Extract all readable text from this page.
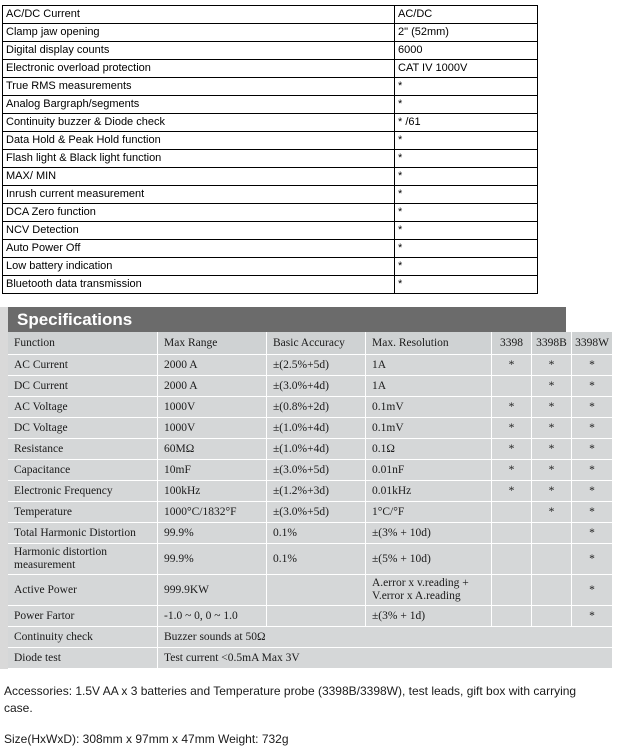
AC/DC Current	AC/DC
Clamp jaw opening	2" (52mm)
Digital display counts	6000
Electronic overload protection	CAT IV 1000V
True RMS measurements	*
Analog Bargraph/segments	*
Continuity buzzer & Diode check	* /61
Data Hold & Peak Hold function	*
Flash light & Black light function	*
MAX/ MIN	*
Inrush current measurement	*
DCA Zero function	*
NCV Detection	*
Auto Power Off	*
Low battery indication	*
Bluetooth data transmission	*
Specifications
Function	Max Range	Basic Accuracy	Max. Resolution	3398	3398B	3398W
AC Current	2000 A	±(2.5%+5d)	1A	*	*	*
DC Current	2000 A	±(3.0%+4d)	1A		*	*
AC Voltage	1000V	±(0.8%+2d)	0.1mV	*	*	*
DC Voltage	1000V	±(1.0%+4d)	0.1mV	*	*	*
Resistance	60MΩ	±(1.0%+4d)	0.1Ω	*	*	*
Capacitance	10mF	±(3.0%+5d)	0.01nF	*	*	*
Electronic Frequency	100kHz	±(1.2%+3d)	0.01kHz	*	*	*
Temperature	1000°C/1832°F	±(3.0%+5d)	1°C/°F		*	*
Total Harmonic Distortion	99.9%	0.1%	±(3% + 10d)			*
Harmonic distortion measurement	99.9%	0.1%	±(5% + 10d)			*
Active Power	999.9KW		A.error x v.reading + V.error x A.reading			*
Power Fartor	-1.0 ~ 0, 0 ~ 1.0		±(3% + 1d)			*
Continuity check	Buzzer sounds at 50Ω					
Diode test	Test current <0.5mA Max 3V					

Accessories: 1.5V AA x 3 batteries and Temperature probe (3398B/3398W), test leads, gift box with carrying case.

Size(HxWxD): 308mm x 97mm x 47mm Weight: 732g
